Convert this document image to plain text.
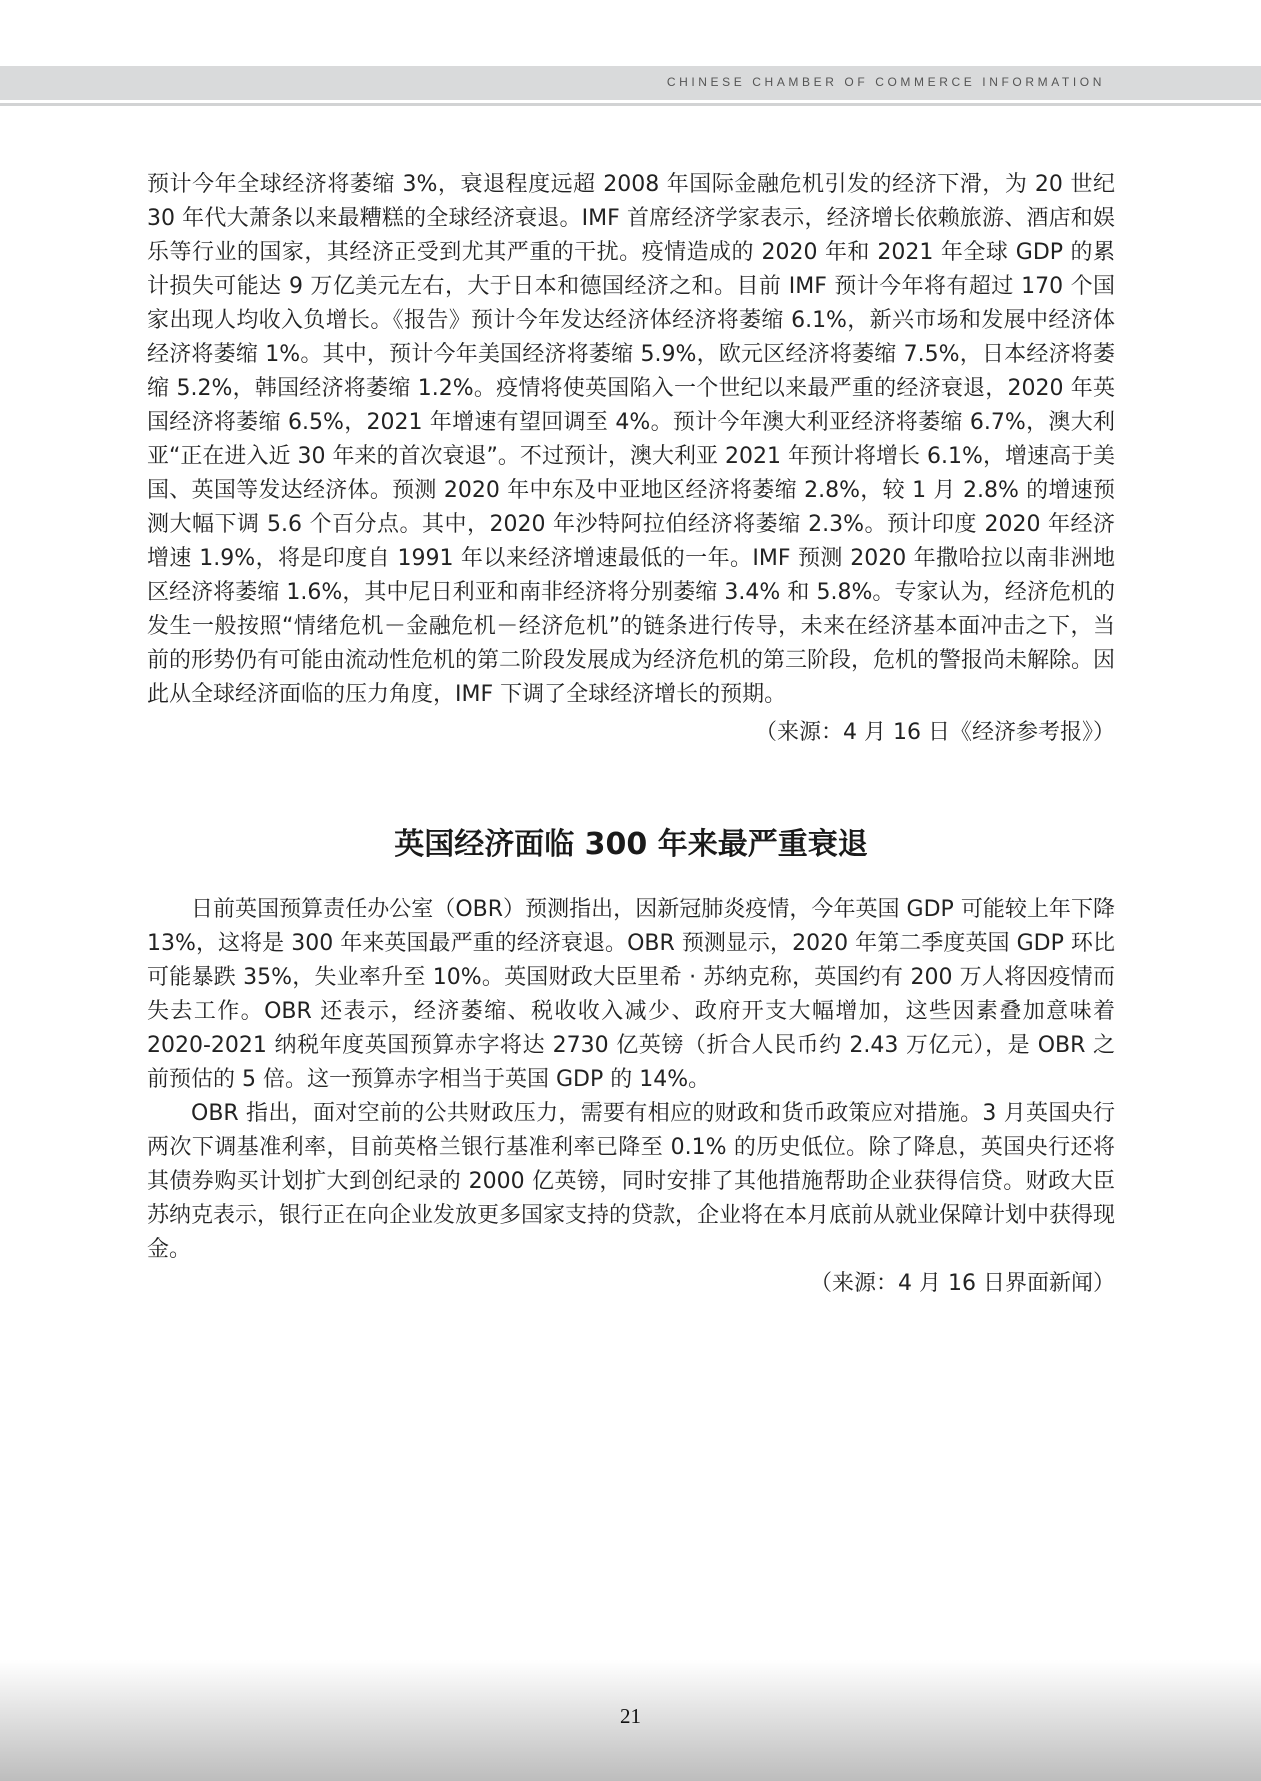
CHINESE CHAMBER OF COMMERCE INFORMATION

预计今年全球经济将萎缩 3%，衰退程度远超 2008 年国际金融危机引发的经济下滑，为 20 世纪 30 年代大萧条以来最糟糕的全球经济衰退。IMF 首席经济学家表示，经济增长依赖旅游、酒店和娱乐等行业的国家，其经济正受到尤其严重的干扰。疫情造成的 2020 年和 2021 年全球 GDP 的累计损失可能达 9 万亿美元左右，大于日本和德国经济之和。目前 IMF 预计今年将有超过 170 个国家出现人均收入负增长。《报告》预计今年发达经济体经济将萎缩 6.1%，新兴市场和发展中经济体经济将萎缩 1%。其中，预计今年美国经济将萎缩 5.9%，欧元区经济将萎缩 7.5%，日本经济将萎缩 5.2%，韩国经济将萎缩 1.2%。疫情将使英国陷入一个世纪以来最严重的经济衰退，2020 年英国经济将萎缩 6.5%，2021 年增速有望回调至 4%。预计今年澳大利亚经济将萎缩 6.7%，澳大利亚“正在进入近 30 年来的首次衰退”。不过预计，澳大利亚 2021 年预计将增长 6.1%，增速高于美国、英国等发达经济体。预测 2020 年中东及中亚地区经济将萎缩 2.8%，较 1 月 2.8% 的增速预测大幅下调 5.6 个百分点。其中，2020 年沙特阿拉伯经济将萎缩 2.3%。预计印度 2020 年经济增速 1.9%，将是印度自 1991 年以来经济增速最低的一年。IMF 预测 2020 年撒哈拉以南非洲地区经济将萎缩 1.6%，其中尼日利亚和南非经济将分别萎缩 3.4% 和 5.8%。专家认为，经济危机的发生一般按照“情绪危机－金融危机－经济危机”的链条进行传导，未来在经济基本面冲击之下，当前的形势仍有可能由流动性危机的第二阶段发展成为经济危机的第三阶段，危机的警报尚未解除。因此从全球经济面临的压力角度，IMF 下调了全球经济增长的预期。

（来源：4 月 16 日《经济参考报》）

英国经济面临 300 年来最严重衰退

日前英国预算责任办公室（OBR）预测指出，因新冠肺炎疫情，今年英国 GDP 可能较上年下降 13%，这将是 300 年来英国最严重的经济衰退。OBR 预测显示，2020 年第二季度英国 GDP 环比可能暴跌 35%，失业率升至 10%。英国财政大臣里希 · 苏纳克称，英国约有 200 万人将因疫情而失去工作。OBR 还表示，经济萎缩、税收收入减少、政府开支大幅增加，这些因素叠加意味着 2020-2021 纳税年度英国预算赤字将达 2730 亿英镑（折合人民币约 2.43 万亿元），是 OBR 之前预估的 5 倍。这一预算赤字相当于英国 GDP 的 14%。

OBR 指出，面对空前的公共财政压力，需要有相应的财政和货币政策应对措施。3 月英国央行两次下调基准利率，目前英格兰银行基准利率已降至 0.1% 的历史低位。除了降息，英国央行还将其债券购买计划扩大到创纪录的 2000 亿英镑，同时安排了其他措施帮助企业获得信贷。财政大臣苏纳克表示，银行正在向企业发放更多国家支持的贷款，企业将在本月底前从就业保障计划中获得现金。

（来源：4 月 16 日界面新闻）

21
